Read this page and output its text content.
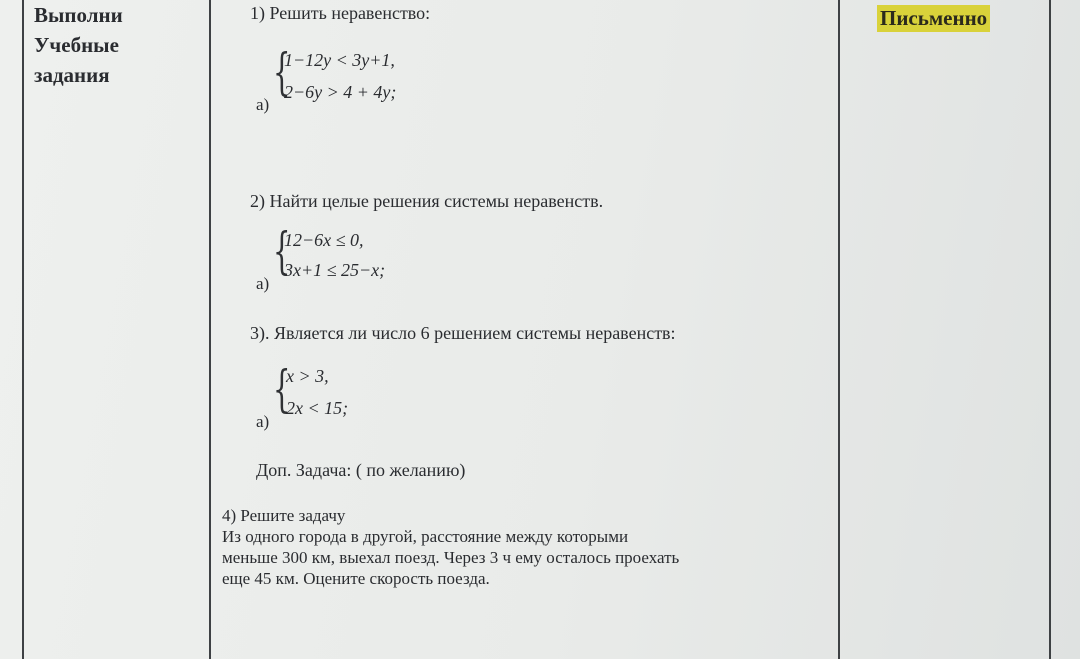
Выполни
Учебные
задания
Письменно
1) Решить неравенство:
а)
{
1−12y < 3y+1,
2−6y > 4 + 4y;
2) Найти целые решения системы неравенств.
а)
{
12−6x ≤ 0,
3x+1 ≤ 25−x;
3). Является ли число 6 решением системы неравенств:
а)
{
x > 3,
2x < 15;
Доп. Задача: ( по желанию)
4) Решите задачу
Из одного города в другой, расстояние между которыми
меньше 300 км, выехал поезд. Через 3 ч ему осталось проехать
еще 45 км. Оцените скорость поезда.
